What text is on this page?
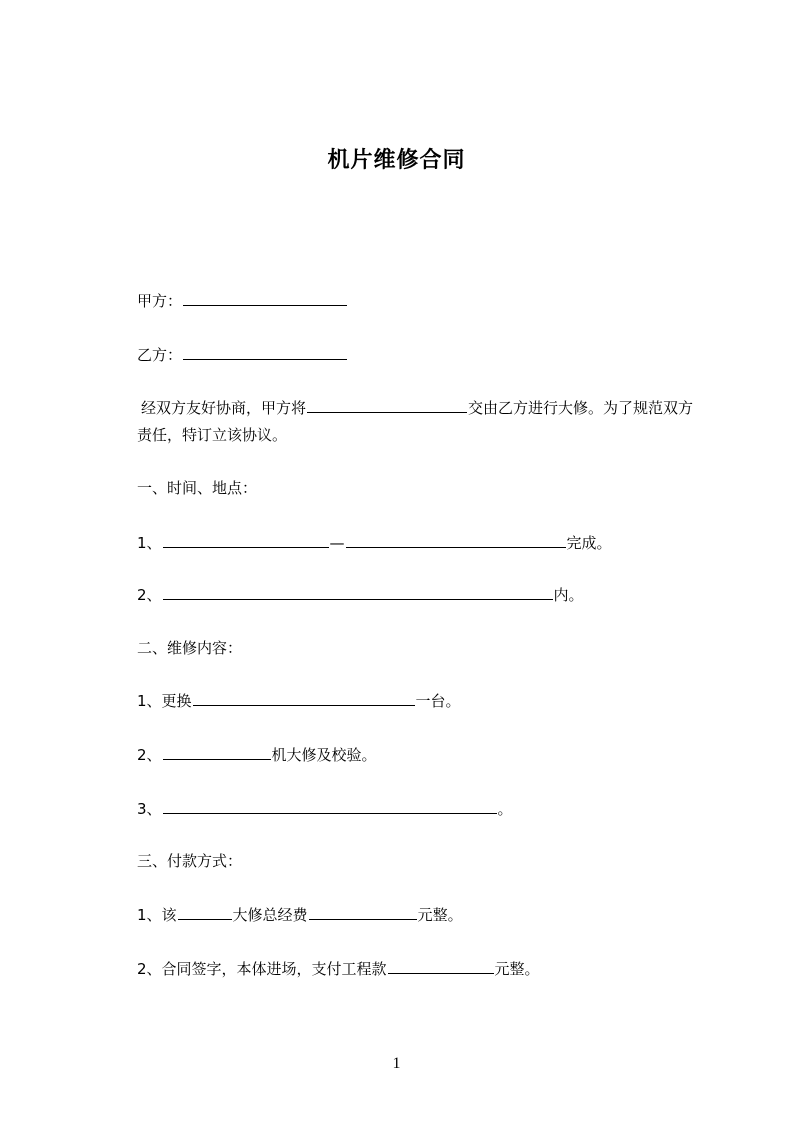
机片维修合同
甲方：
乙方：
经双方友好协商，甲方将	交由乙方进行大修。为了规范双方责任，特订立该协议。
一、时间、地点：
1、	—	完成。
2、	内。
二、维修内容：
1、更换	一台。
2、	机大修及校验。
3、	。
三、付款方式：
1、该	大修总经费	元整。
2、合同签字，本体进场，支付工程款	元整。
1
